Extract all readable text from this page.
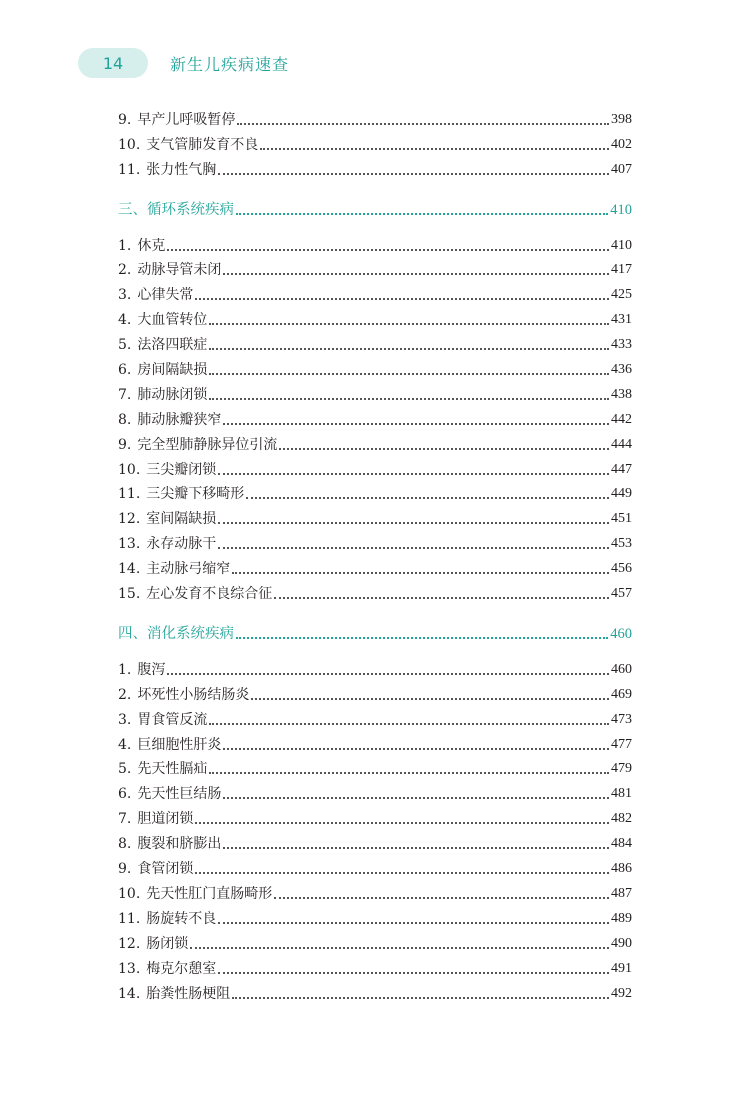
14	新生儿疾病速查
9. 早产儿呼吸暂停	398
10. 支气管肺发育不良	402
11. 张力性气胸	407
三、循环系统疾病	410
1. 休克	410
2. 动脉导管未闭	417
3. 心律失常	425
4. 大血管转位	431
5. 法洛四联症	433
6. 房间隔缺损	436
7. 肺动脉闭锁	438
8. 肺动脉瓣狭窄	442
9. 完全型肺静脉异位引流	444
10. 三尖瓣闭锁	447
11. 三尖瓣下移畸形	449
12. 室间隔缺损	451
13. 永存动脉干	453
14. 主动脉弓缩窄	456
15. 左心发育不良综合征	457
四、消化系统疾病	460
1. 腹泻	460
2. 坏死性小肠结肠炎	469
3. 胃食管反流	473
4. 巨细胞性肝炎	477
5. 先天性膈疝	479
6. 先天性巨结肠	481
7. 胆道闭锁	482
8. 腹裂和脐膨出	484
9. 食管闭锁	486
10. 先天性肛门直肠畸形	487
11. 肠旋转不良	489
12. 肠闭锁	490
13. 梅克尔憩室	491
14. 胎粪性肠梗阻	492
